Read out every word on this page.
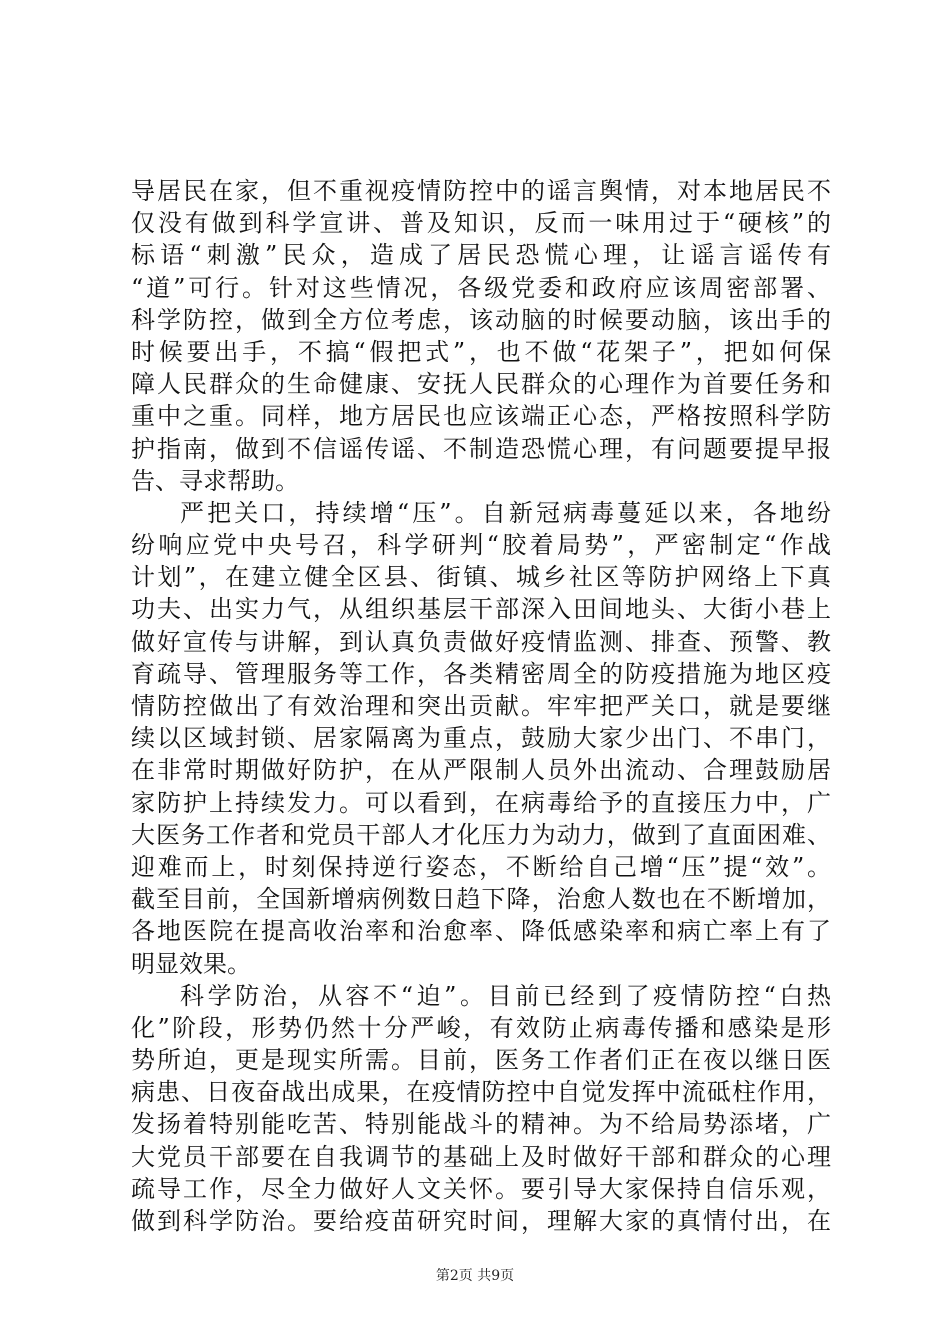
导居民在家，但不重视疫情防控中的谣言舆情，对本地居民不
仅没有做到科学宣讲、普及知识，反而一味用过于“硬核”的
标语“刺激”民众，造成了居民恐慌心理，让谣言谣传有
“道”可行。针对这些情况，各级党委和政府应该周密部署、
科学防控，做到全方位考虑，该动脑的时候要动脑，该出手的
时候要出手，不搞“假把式”，也不做“花架子”，把如何保
障人民群众的生命健康、安抚人民群众的心理作为首要任务和
重中之重。同样，地方居民也应该端正心态，严格按照科学防
护指南，做到不信谣传谣、不制造恐慌心理，有问题要提早报
告、寻求帮助。
严把关口，持续增“压”。自新冠病毒蔓延以来，各地纷
纷响应党中央号召，科学研判“胶着局势”，严密制定“作战
计划”，在建立健全区县、街镇、城乡社区等防护网络上下真
功夫、出实力气，从组织基层干部深入田间地头、大街小巷上
做好宣传与讲解，到认真负责做好疫情监测、排查、预警、教
育疏导、管理服务等工作，各类精密周全的防疫措施为地区疫
情防控做出了有效治理和突出贡献。牢牢把严关口，就是要继
续以区域封锁、居家隔离为重点，鼓励大家少出门、不串门，
在非常时期做好防护，在从严限制人员外出流动、合理鼓励居
家防护上持续发力。可以看到，在病毒给予的直接压力中，广
大医务工作者和党员干部人才化压力为动力，做到了直面困难、
迎难而上，时刻保持逆行姿态，不断给自己增“压”提“效”。
截至目前，全国新增病例数日趋下降，治愈人数也在不断增加，
各地医院在提高收治率和治愈率、降低感染率和病亡率上有了
明显效果。
科学防治，从容不“迫”。目前已经到了疫情防控“白热
化”阶段，形势仍然十分严峻，有效防止病毒传播和感染是形
势所迫，更是现实所需。目前，医务工作者们正在夜以继日医
病患、日夜奋战出成果，在疫情防控中自觉发挥中流砥柱作用，
发扬着特别能吃苦、特别能战斗的精神。为不给局势添堵，广
大党员干部要在自我调节的基础上及时做好干部和群众的心理
疏导工作，尽全力做好人文关怀。要引导大家保持自信乐观，
做到科学防治。要给疫苗研究时间，理解大家的真情付出，在
第2页 共9页
